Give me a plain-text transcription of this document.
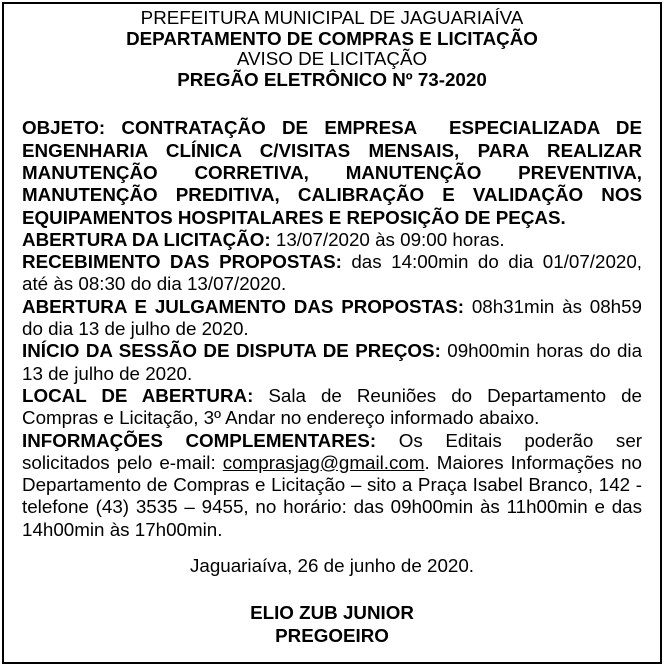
PREFEITURA MUNICIPAL DE JAGUARIAÍVA
DEPARTAMENTO DE COMPRAS E LICITAÇÃO
AVISO DE LICITAÇÃO
PREGÃO ELETRÔNICO Nº 73-2020

OBJETO: CONTRATAÇÃO DE EMPRESA  ESPECIALIZADA DE ENGENHARIA CLÍNICA C/VISITAS MENSAIS, PARA REALIZAR MANUTENÇÃO CORRETIVA, MANUTENÇÃO PREVENTIVA, MANUTENÇÃO PREDITIVA, CALIBRAÇÃO E VALIDAÇÃO NOS EQUIPAMENTOS HOSPITALARES E REPOSIÇÃO DE PEÇAS.

ABERTURA DA LICITAÇÃO: 13/07/2020 às 09:00 horas.

RECEBIMENTO DAS PROPOSTAS: das 14:00min do dia 01/07/2020, até às 08:30 do dia 13/07/2020.

ABERTURA E JULGAMENTO DAS PROPOSTAS: 08h31min às 08h59 do dia 13 de julho de 2020.

INÍCIO DA SESSÃO DE DISPUTA DE PREÇOS: 09h00min horas do dia 13 de julho de 2020.

LOCAL DE ABERTURA: Sala de Reuniões do Departamento de Compras e Licitação, 3º Andar no endereço informado abaixo.

INFORMAÇÕES COMPLEMENTARES: Os Editais poderão ser solicitados pelo e-mail: comprasjag@gmail.com. Maiores Informações no Departamento de Compras e Licitação – sito a Praça Isabel Branco, 142 - telefone (43) 3535 – 9455, no horário: das 09h00min às 11h00min e das 14h00min às 17h00min.

Jaguariaíva, 26 de junho de 2020.
ELIO ZUB JUNIOR
PREGOEIRO
